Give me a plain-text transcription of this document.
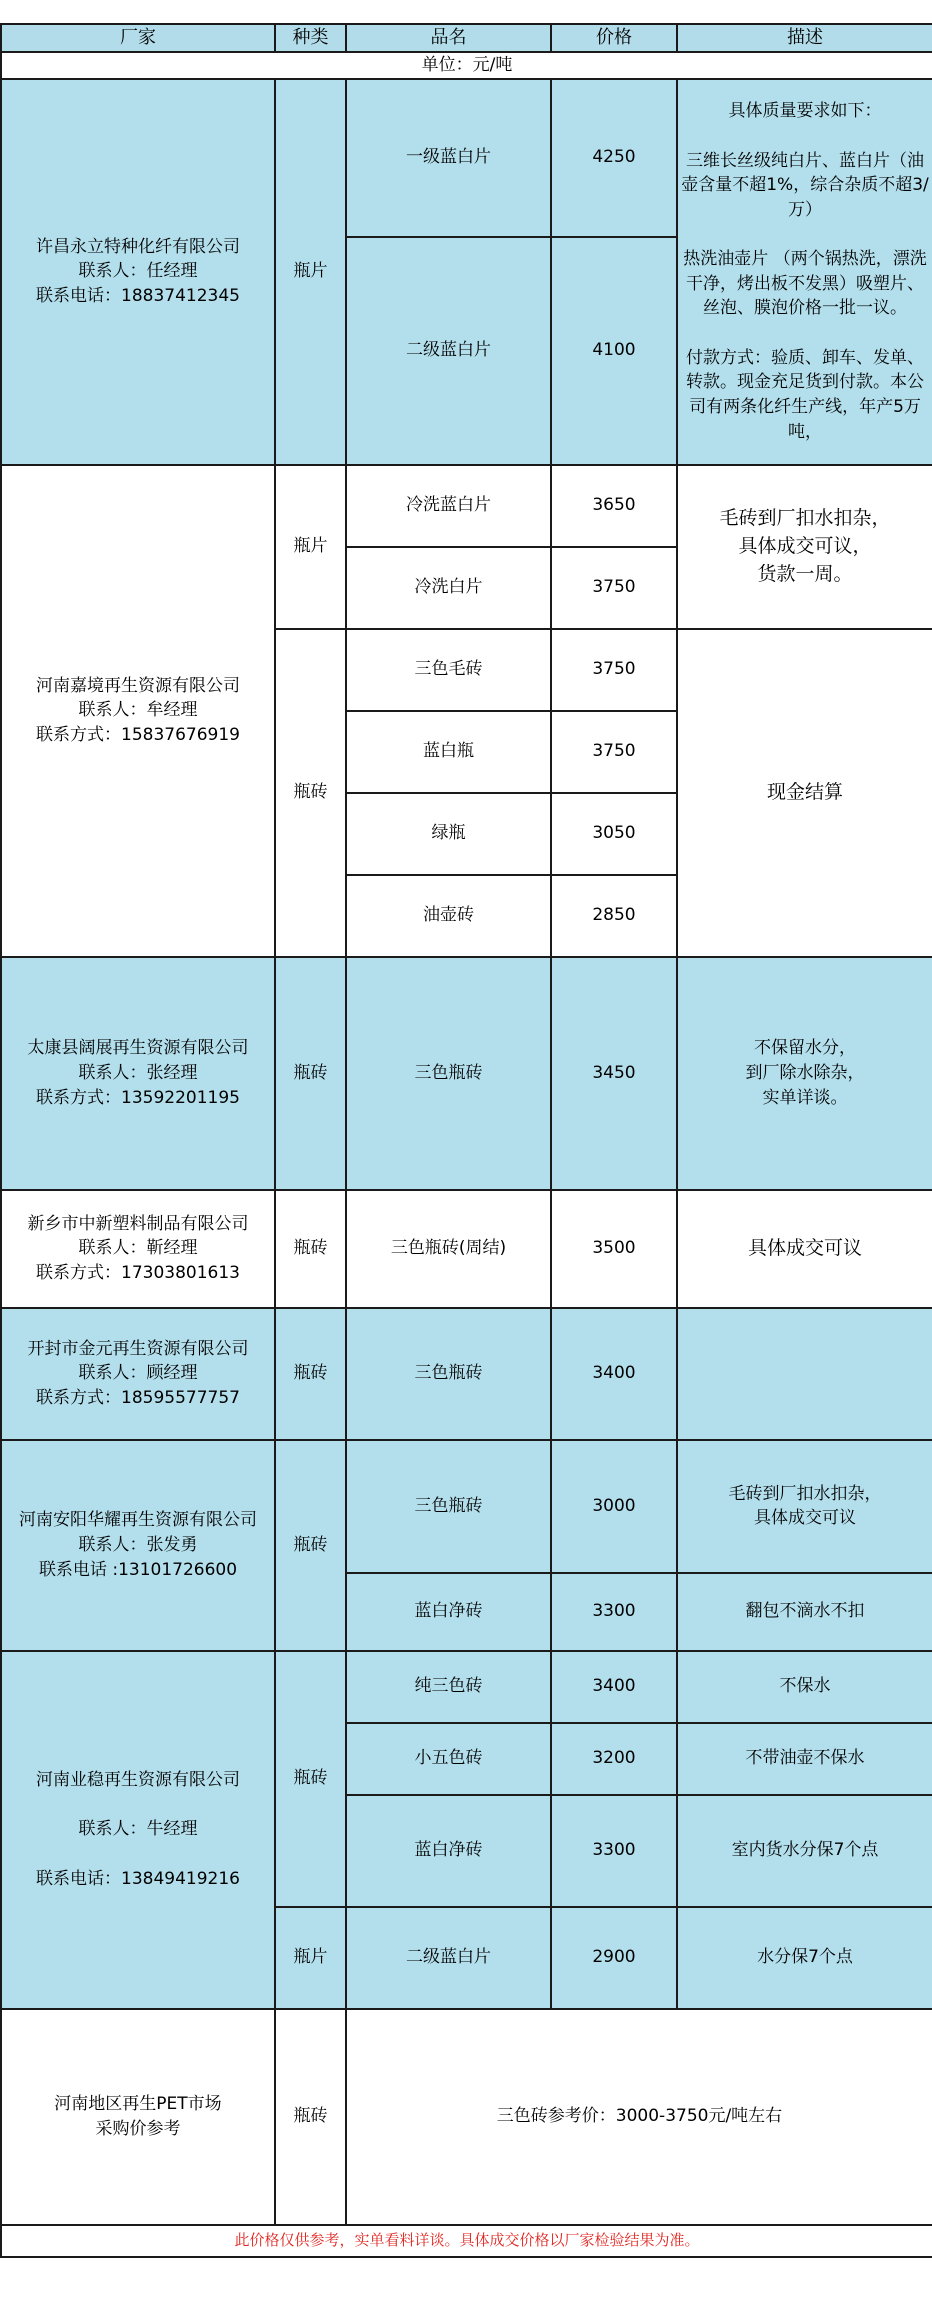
厂家	种类	品名	价格	描述
单位：元/吨				
许昌永立特种化纤有限公司
联系人：任经理
联系电话：18837412345	瓶片	一级蓝白片	4250	具体质量要求如下：

三维长丝级纯白片、蓝白片（油壶含量不超1%，综合杂质不超3/万）

热洗油壶片 （两个锅热洗，漂洗干净，烤出板不发黑）吸塑片、丝泡、膜泡价格一批一议。

付款方式：验质、卸车、发单、转款。现金充足货到付款。本公司有两条化纤生产线，年产5万吨，
		二级蓝白片	4100	
河南嘉境再生资源有限公司
联系人：牟经理
联系方式：15837676919	瓶片	冷洗蓝白片	3650	毛砖到厂扣水扣杂，
具体成交可议，
货款一周。
		冷洗白片	3750	
	瓶砖	三色毛砖	3750	现金结算
		蓝白瓶	3750	
		绿瓶	3050	
		油壶砖	2850	
太康县阔展再生资源有限公司
联系人：张经理
联系方式：13592201195	瓶砖	三色瓶砖	3450	不保留水分，
到厂除水除杂，
实单详谈。
新乡市中新塑料制品有限公司
联系人：靳经理
联系方式：17303801613	瓶砖	三色瓶砖(周结)	3500	具体成交可议
开封市金元再生资源有限公司
联系人：顾经理
联系方式：18595577757	瓶砖	三色瓶砖	3400	
河南安阳华耀再生资源有限公司
联系人：张发勇
联系电话 :13101726600	瓶砖	三色瓶砖	3000	毛砖到厂扣水扣杂，
具体成交可议
		蓝白净砖	3300	翻包不滴水不扣
河南业稳再生资源有限公司

联系人：牛经理

联系电话：13849419216	瓶砖	纯三色砖	3400	不保水
		小五色砖	3200	不带油壶不保水
		蓝白净砖	3300	室内货水分保7个点
	瓶片	二级蓝白片	2900	水分保7个点
河南地区再生PET市场
采购价参考	瓶砖	三色砖参考价：3000-3750元/吨左右		
此价格仅供参考，实单看料详谈。具体成交价格以厂家检验结果为准。				
